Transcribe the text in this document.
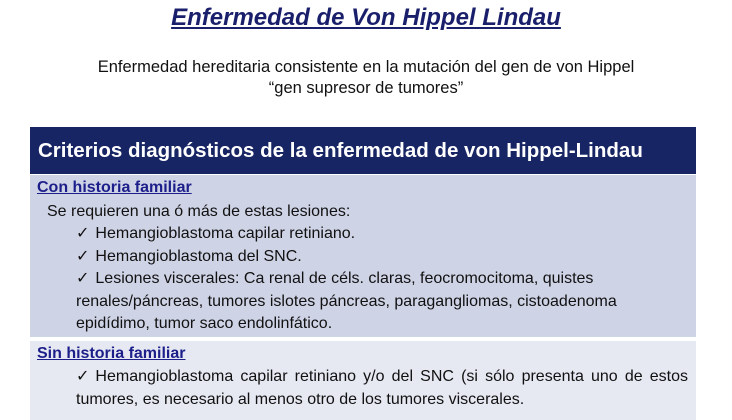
Enfermedad de Von Hippel Lindau
Enfermedad hereditaria consistente en la mutación del gen de von Hippel
“gen supresor de tumores”
Criterios diagnósticos de la enfermedad de von Hippel-Lindau
Con historia familiar
Se requieren una ó más de estas lesiones:
✓ Hemangioblastoma capilar retiniano.
✓ Hemangioblastoma del SNC.
✓ Lesiones viscerales: Ca renal de céls. claras, feocromocitoma, quistes renales/páncreas, tumores islotes páncreas, paragangliomas, cistoadenoma epidídimo, tumor saco endolinfático.
Sin historia familiar
✓ Hemangioblastoma capilar retiniano y/o del SNC (si sólo presenta uno de estos tumores, es necesario al menos otro de los tumores viscerales.
